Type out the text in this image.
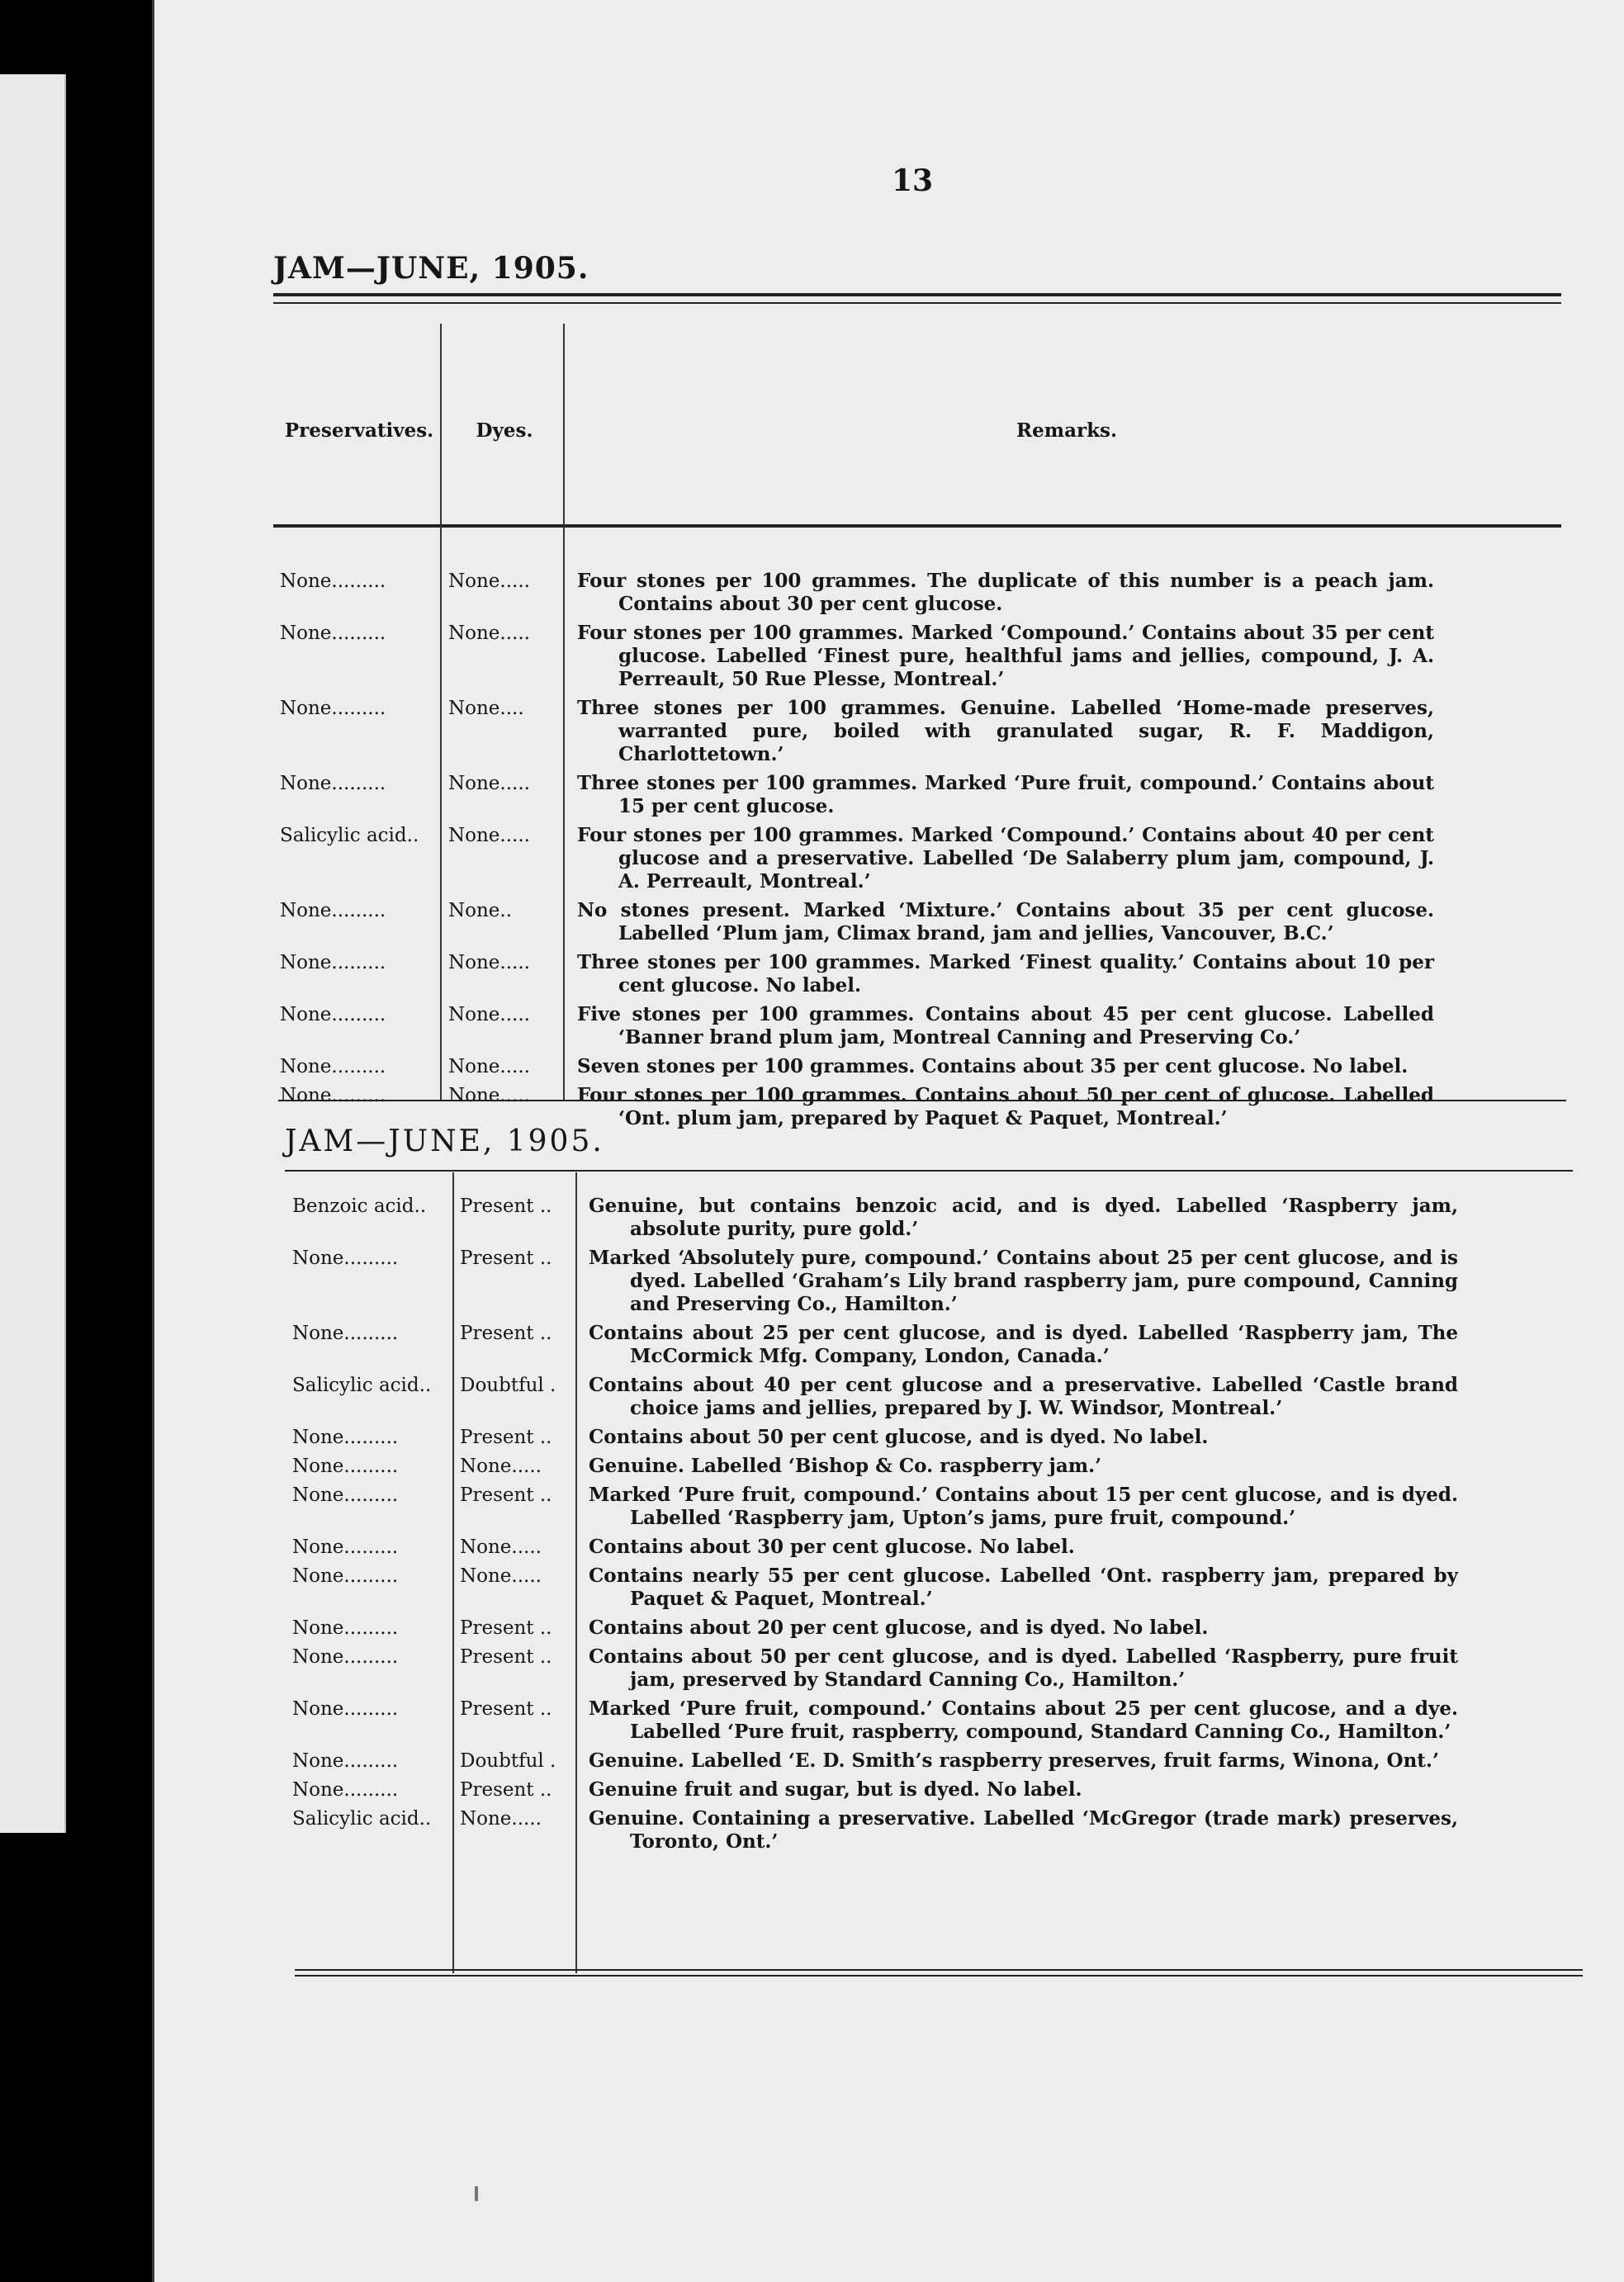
13
JAM—JUNE, 1905.
Preservatives.	Dyes.	Remarks.
None.........	None.....	Four stones per 100 grammes. The duplicate of this number is a peach jam. Contains about 30 per cent glucose.
None.........	None.....	Four stones per 100 grammes. Marked ‘Compound.’ Contains about 35 per cent glucose. Labelled ‘Finest pure, healthful jams and jellies, compound, J. A. Perreault, 50 Rue Plesse, Montreal.’
None.........	None....	Three stones per 100 grammes. Genuine. Labelled ‘Home-made preserves, warranted pure, boiled with granulated sugar, R. F. Maddigon, Charlottetown.’
None.........	None.....	Three stones per 100 grammes. Marked ‘Pure fruit, compound.’ Contains about 15 per cent glucose.
Salicylic acid..	None.....	Four stones per 100 grammes. Marked ‘Compound.’ Contains about 40 per cent glucose and a preservative. Labelled ‘De Salaberry plum jam, compound, J. A. Perreault, Montreal.’
None.........	None..	No stones present. Marked ‘Mixture.’ Contains about 35 per cent glucose. Labelled ‘Plum jam, Climax brand, jam and jellies, Vancouver, B.C.’
None.........	None.....	Three stones per 100 grammes. Marked ‘Finest quality.’ Contains about 10 per cent glucose. No label.
None.........	None.....	Five stones per 100 grammes. Contains about 45 per cent glucose. Labelled ‘Banner brand plum jam, Montreal Canning and Preserving Co.’
None.........	None.....	Seven stones per 100 grammes. Contains about 35 per cent glucose. No label.
None.........	None.....	Four stones per 100 grammes. Contains about 50 per cent of glucose. Labelled ‘Ont. plum jam, prepared by Paquet & Paquet, Montreal.’
JAM—JUNE, 1905.
Benzoic acid..	Present ..	Genuine, but contains benzoic acid, and is dyed. Labelled ‘Raspberry jam, absolute purity, pure gold.’
None.........	Present ..	Marked ‘Absolutely pure, compound.’ Contains about 25 per cent glucose, and is dyed. Labelled ‘Graham’s Lily brand raspberry jam, pure compound, Canning and Preserving Co., Hamilton.’
None.........	Present ..	Contains about 25 per cent glucose, and is dyed. Labelled ‘Raspberry jam, The McCormick Mfg. Company, London, Canada.’
Salicylic acid..	Doubtful .	Contains about 40 per cent glucose and a preservative. Labelled ‘Castle brand choice jams and jellies, prepared by J. W. Windsor, Montreal.’
None.........	Present ..	Contains about 50 per cent glucose, and is dyed. No label.
None.........	None.....	Genuine. Labelled ‘Bishop & Co. raspberry jam.’
None.........	Present ..	Marked ‘Pure fruit, compound.’ Contains about 15 per cent glucose, and is dyed. Labelled ‘Raspberry jam, Upton’s jams, pure fruit, compound.’
None.........	None.....	Contains about 30 per cent glucose. No label.
None.........	None.....	Contains nearly 55 per cent glucose. Labelled ‘Ont. raspberry jam, prepared by Paquet & Paquet, Montreal.’
None.........	Present ..	Contains about 20 per cent glucose, and is dyed. No label.
None.........	Present ..	Contains about 50 per cent glucose, and is dyed. Labelled ‘Raspberry, pure fruit jam, preserved by Standard Canning Co., Hamilton.’
None.........	Present ..	Marked ‘Pure fruit, compound.’ Contains about 25 per cent glucose, and a dye. Labelled ‘Pure fruit, raspberry, compound, Standard Canning Co., Hamilton.’
None.........	Doubtful .	Genuine. Labelled ‘E. D. Smith’s raspberry preserves, fruit farms, Winona, Ont.’
None.........	Present ..	Genuine fruit and sugar, but is dyed. No label.
Salicylic acid..	None.....	Genuine. Containing a preservative. Labelled ‘McGregor (trade mark) preserves, Toronto, Ont.’
